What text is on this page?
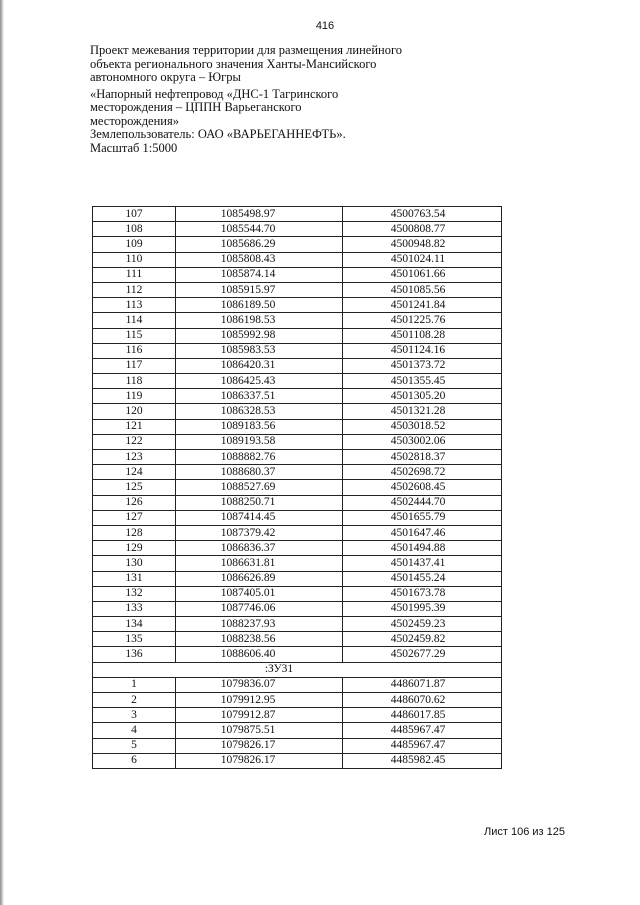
416
Проект межевания территории для размещения линейного
объекта регионального значения Ханты-Мансийского
автономного округа – Югры
«Напорный нефтепровод «ДНС-1 Тагринского
месторождения – ЦППН Варьеганского
месторождения»
Землепользователь: ОАО «ВАРЬЕГАННЕФТЬ».
Масштаб 1:5000
107	1085498.97	4500763.54
108	1085544.70	4500808.77
109	1085686.29	4500948.82
110	1085808.43	4501024.11
111	1085874.14	4501061.66
112	1085915.97	4501085.56
113	1086189.50	4501241.84
114	1086198.53	4501225.76
115	1085992.98	4501108.28
116	1085983.53	4501124.16
117	1086420.31	4501373.72
118	1086425.43	4501355.45
119	1086337.51	4501305.20
120	1086328.53	4501321.28
121	1089183.56	4503018.52
122	1089193.58	4503002.06
123	1088882.76	4502818.37
124	1088680.37	4502698.72
125	1088527.69	4502608.45
126	1088250.71	4502444.70
127	1087414.45	4501655.79
128	1087379.42	4501647.46
129	1086836.37	4501494.88
130	1086631.81	4501437.41
131	1086626.89	4501455.24
132	1087405.01	4501673.78
133	1087746.06	4501995.39
134	1088237.93	4502459.23
135	1088238.56	4502459.82
136	1088606.40	4502677.29
:ЗУ31		
1	1079836.07	4486071.87
2	1079912.95	4486070.62
3	1079912.87	4486017.85
4	1079875.51	4485967.47
5	1079826.17	4485967.47
6	1079826.17	4485982.45
Лист 106 из 125
